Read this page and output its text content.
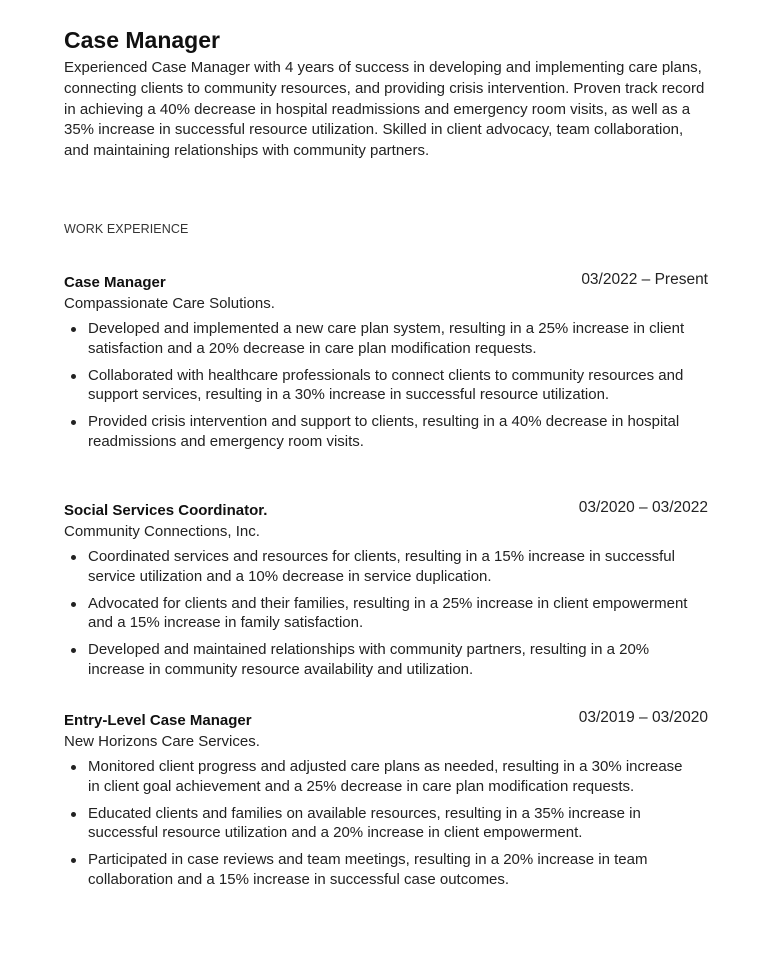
Case Manager

Experienced Case Manager with 4 years of success in developing and implementing care plans, connecting clients to community resources, and providing crisis intervention. Proven track record in achieving a 40% decrease in hospital readmissions and emergency room visits, as well as a 35% increase in successful resource utilization. Skilled in client advocacy, team collaboration, and maintaining relationships with community partners.

WORK EXPERIENCE

Case Manager	03/2022 – Present
Compassionate Care Solutions.
Developed and implemented a new care plan system, resulting in a 25% increase in client satisfaction and a 20% decrease in care plan modification requests.
Collaborated with healthcare professionals to connect clients to community resources and support services, resulting in a 30% increase in successful resource utilization.
Provided crisis intervention and support to clients, resulting in a 40% decrease in hospital readmissions and emergency room visits.
Social Services Coordinator.	03/2020 – 03/2022
Community Connections, Inc.
Coordinated services and resources for clients, resulting in a 15% increase in successful service utilization and a 10% decrease in service duplication.
Advocated for clients and their families, resulting in a 25% increase in client empowerment and a 15% increase in family satisfaction.
Developed and maintained relationships with community partners, resulting in a 20% increase in community resource availability and utilization.
Entry-Level Case Manager	03/2019 – 03/2020
New Horizons Care Services.
Monitored client progress and adjusted care plans as needed, resulting in a 30% increase in client goal achievement and a 25% decrease in care plan modification requests.
Educated clients and families on available resources, resulting in a 35% increase in successful resource utilization and a 20% increase in client empowerment.
Participated in case reviews and team meetings, resulting in a 20% increase in team collaboration and a 15% increase in successful case outcomes.
